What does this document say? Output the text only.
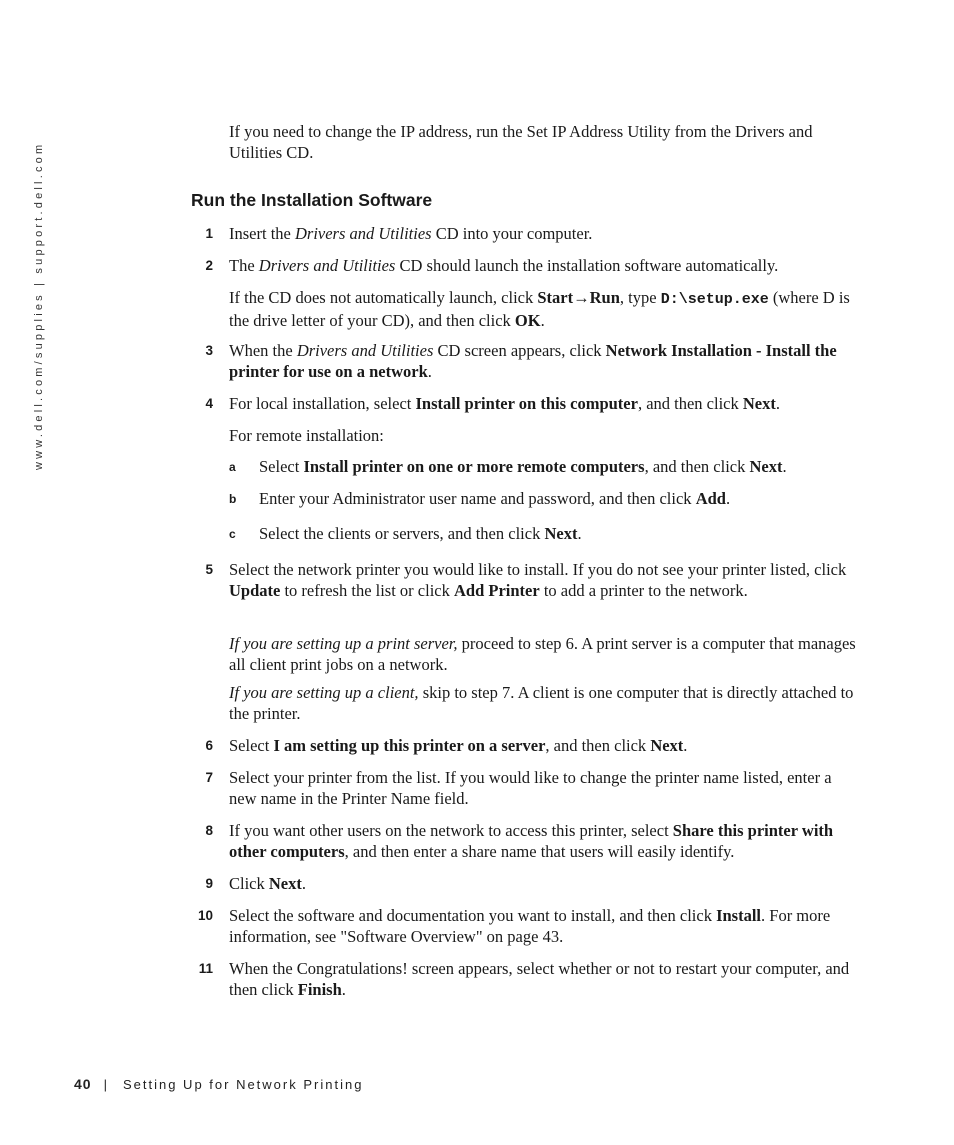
www.dell.com/supplies | support.dell.com

If you need to change the IP address, run the Set IP Address Utility from the Drivers and Utilities CD.

Run the Installation Software
1 Insert the Drivers and Utilities CD into your computer.

2 The Drivers and Utilities CD should launch the installation software automatically.

If the CD does not automatically launch, click Start→Run, type D:\setup.exe (where D is the drive letter of your CD), and then click OK.

3 When the Drivers and Utilities CD screen appears, click Network Installation - Install the printer for use on a network.

4 For local installation, select Install printer on this computer, and then click Next.

For remote installation:

a Select Install printer on one or more remote computers, and then click Next.

b Enter your Administrator user name and password, and then click Add.

c Select the clients or servers, and then click Next.

5 Select the network printer you would like to install. If you do not see your printer listed, click Update to refresh the list or click Add Printer to add a printer to the network.

If you are setting up a print server, proceed to step 6. A print server is a computer that manages all client print jobs on a network.

If you are setting up a client, skip to step 7. A client is one computer that is directly attached to the printer.

6 Select I am setting up this printer on a server, and then click Next.

7 Select your printer from the list. If you would like to change the printer name listed, enter a new name in the Printer Name field.

8 If you want other users on the network to access this printer, select Share this printer with other computers, and then enter a share name that users will easily identify.

9 Click Next.

10 Select the software and documentation you want to install, and then click Install. For more information, see "Software Overview" on page 43.

11 When the Congratulations! screen appears, select whether or not to restart your computer, and then click Finish.

40 | Setting Up for Network Printing
